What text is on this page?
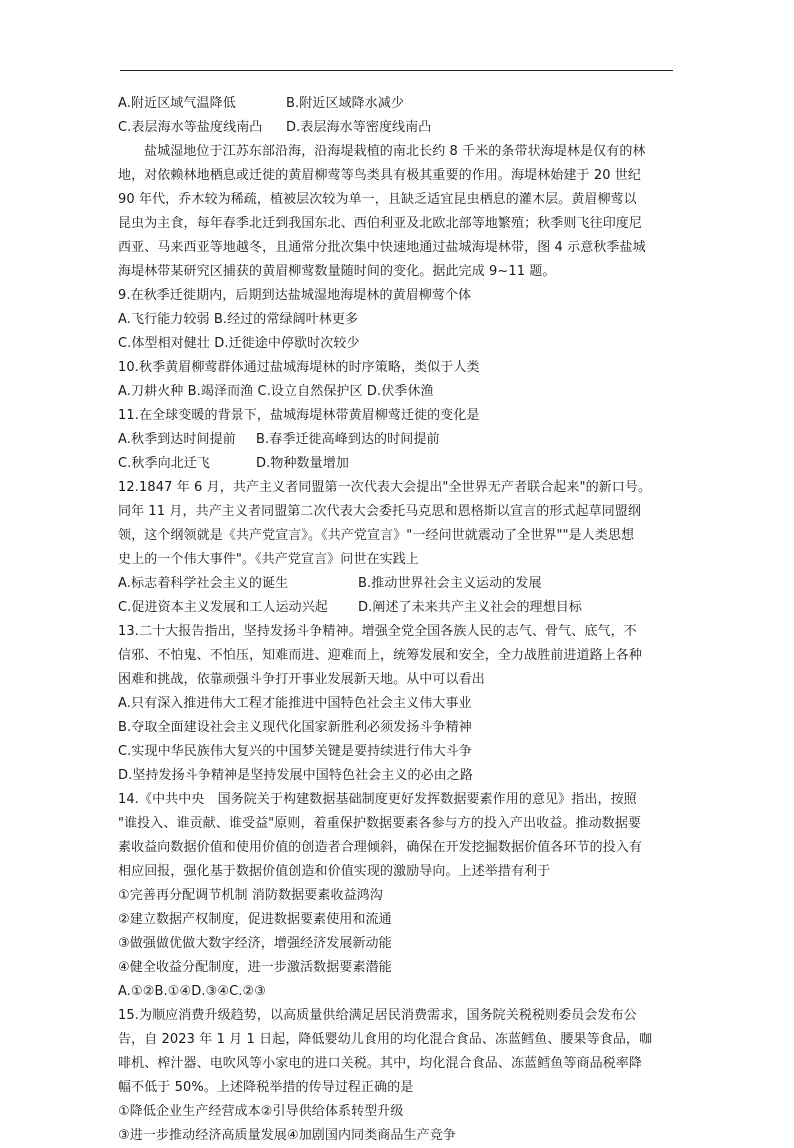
A.附近区域气温降低	B.附近区域降水减少
C.表层海水等盐度线南凸	D.表层海水等密度线南凸
盐城湿地位于江苏东部沿海，沿海堤栽植的南北长约 8 千米的条带状海堤林是仅有的林
地，对依赖林地栖息或迁徙的黄眉柳莺等鸟类具有极其重要的作用。海堤林始建于 20 世纪
90 年代，乔木较为稀疏，植被层次较为单一，且缺乏适宜昆虫栖息的灌木层。黄眉柳莺以
昆虫为主食，每年春季北迁到我国东北、西伯利亚及北欧北部等地繁殖；秋季则飞往印度尼
西亚、马来西亚等地越冬，且通常分批次集中快速地通过盐城海堤林带，图 4 示意秋季盐城
海堤林带某研究区捕获的黄眉柳莺数量随时间的变化。据此完成 9~11 题。
9.在秋季迁徙期内，后期到达盐城湿地海堤林的黄眉柳莺个体
A.飞行能力较弱 B.经过的常绿阔叶林更多
C.体型相对健壮 D.迁徙途中停歇时次较少
10.秋季黄眉柳莺群体通过盐城海堤林的时序策略，类似于人类
A.刀耕火种 B.竭泽而渔 C.设立自然保护区 D.伏季休渔
11.在全球变暖的背景下，盐城海堤林带黄眉柳莺迁徙的变化是
A.秋季到达时间提前	B.春季迁徙高峰到达的时间提前
C.秋季向北迁飞	D.物种数量增加
12.1847 年 6 月，共产主义者同盟第一次代表大会提出"全世界无产者联合起来"的新口号。
同年 11 月，共产主义者同盟第二次代表大会委托马克思和恩格斯以宣言的形式起草同盟纲
领，这个纲领就是《共产党宣言》。《共产党宣言》"一经问世就震动了全世界""是人类思想
史上的一个伟大事件"。《共产党宣言》问世在实践上
A.标志着科学社会主义的诞生	B.推动世界社会主义运动的发展
C.促进资本主义发展和工人运动兴起	D.阐述了未来共产主义社会的理想目标
13.二十大报告指出，坚持发扬斗争精神。增强全党全国各族人民的志气、骨气、底气，不
信邪、不怕鬼、不怕压，知难而进、迎难而上，统筹发展和安全，全力战胜前进道路上各种
困难和挑战，依靠顽强斗争打开事业发展新天地。从中可以看出
A.只有深入推进伟大工程才能推进中国特色社会主义伟大事业
B.夺取全面建设社会主义现代化国家新胜利必须发扬斗争精神
C.实现中华民族伟大复兴的中国梦关键是要持续进行伟大斗争
D.坚持发扬斗争精神是坚持发展中国特色社会主义的必由之路
14.《中共中央　国务院关于构建数据基础制度更好发挥数据要素作用的意见》指出，按照
"谁投入、谁贡献、谁受益"原则，着重保护数据要素各参与方的投入产出收益。推动数据要
素收益向数据价值和使用价值的创造者合理倾斜，确保在开发挖掘数据价值各环节的投入有
相应回报，强化基于数据价值创造和价值实现的激励导向。上述举措有利于
①完善再分配调节机制 消防数据要素收益鸿沟
②建立数据产权制度，促进数据要素使用和流通
③做强做优做大数字经济，增强经济发展新动能
④健全收益分配制度，进一步激活数据要素潜能
A.①②B.①④D.③④C.②③
15.为顺应消费升级趋势，以高质量供给满足居民消费需求，国务院关税税则委员会发布公
告，自 2023 年 1 月 1 日起，降低婴幼儿食用的均化混合食品、冻蓝鳕鱼、腰果等食品，咖
啡机、榨汁器、电吹风等小家电的进口关税。其中，均化混合食品、冻蓝鳕鱼等商品税率降
幅不低于 50%。上述降税举措的传导过程正确的是
①降低企业生产经营成本②引导供给体系转型升级
③进一步推动经济高质量发展④加剧国内同类商品生产竞争
